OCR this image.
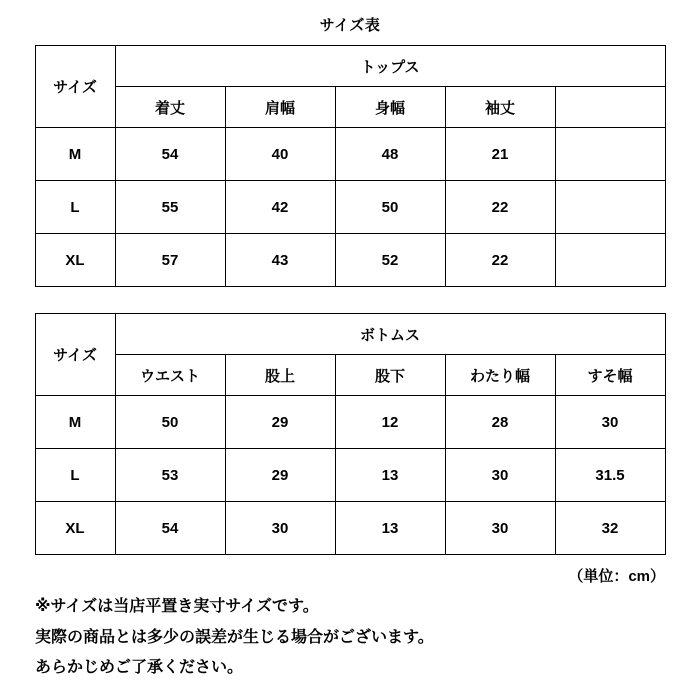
サイズ表
サイズ	トップス				
	着丈	肩幅	身幅	袖丈	
M	54	40	48	21	
L	55	42	50	22	
XL	57	43	52	22	
サイズ	ボトムス				
	ウエスト	股上	股下	わたり幅	すそ幅
M	50	29	12	28	30
L	53	29	13	30	31.5
XL	54	30	13	30	32
（単位：cm）

※サイズは当店平置き実寸サイズです。

実際の商品とは多少の誤差が生じる場合がございます。

あらかじめご了承ください。
